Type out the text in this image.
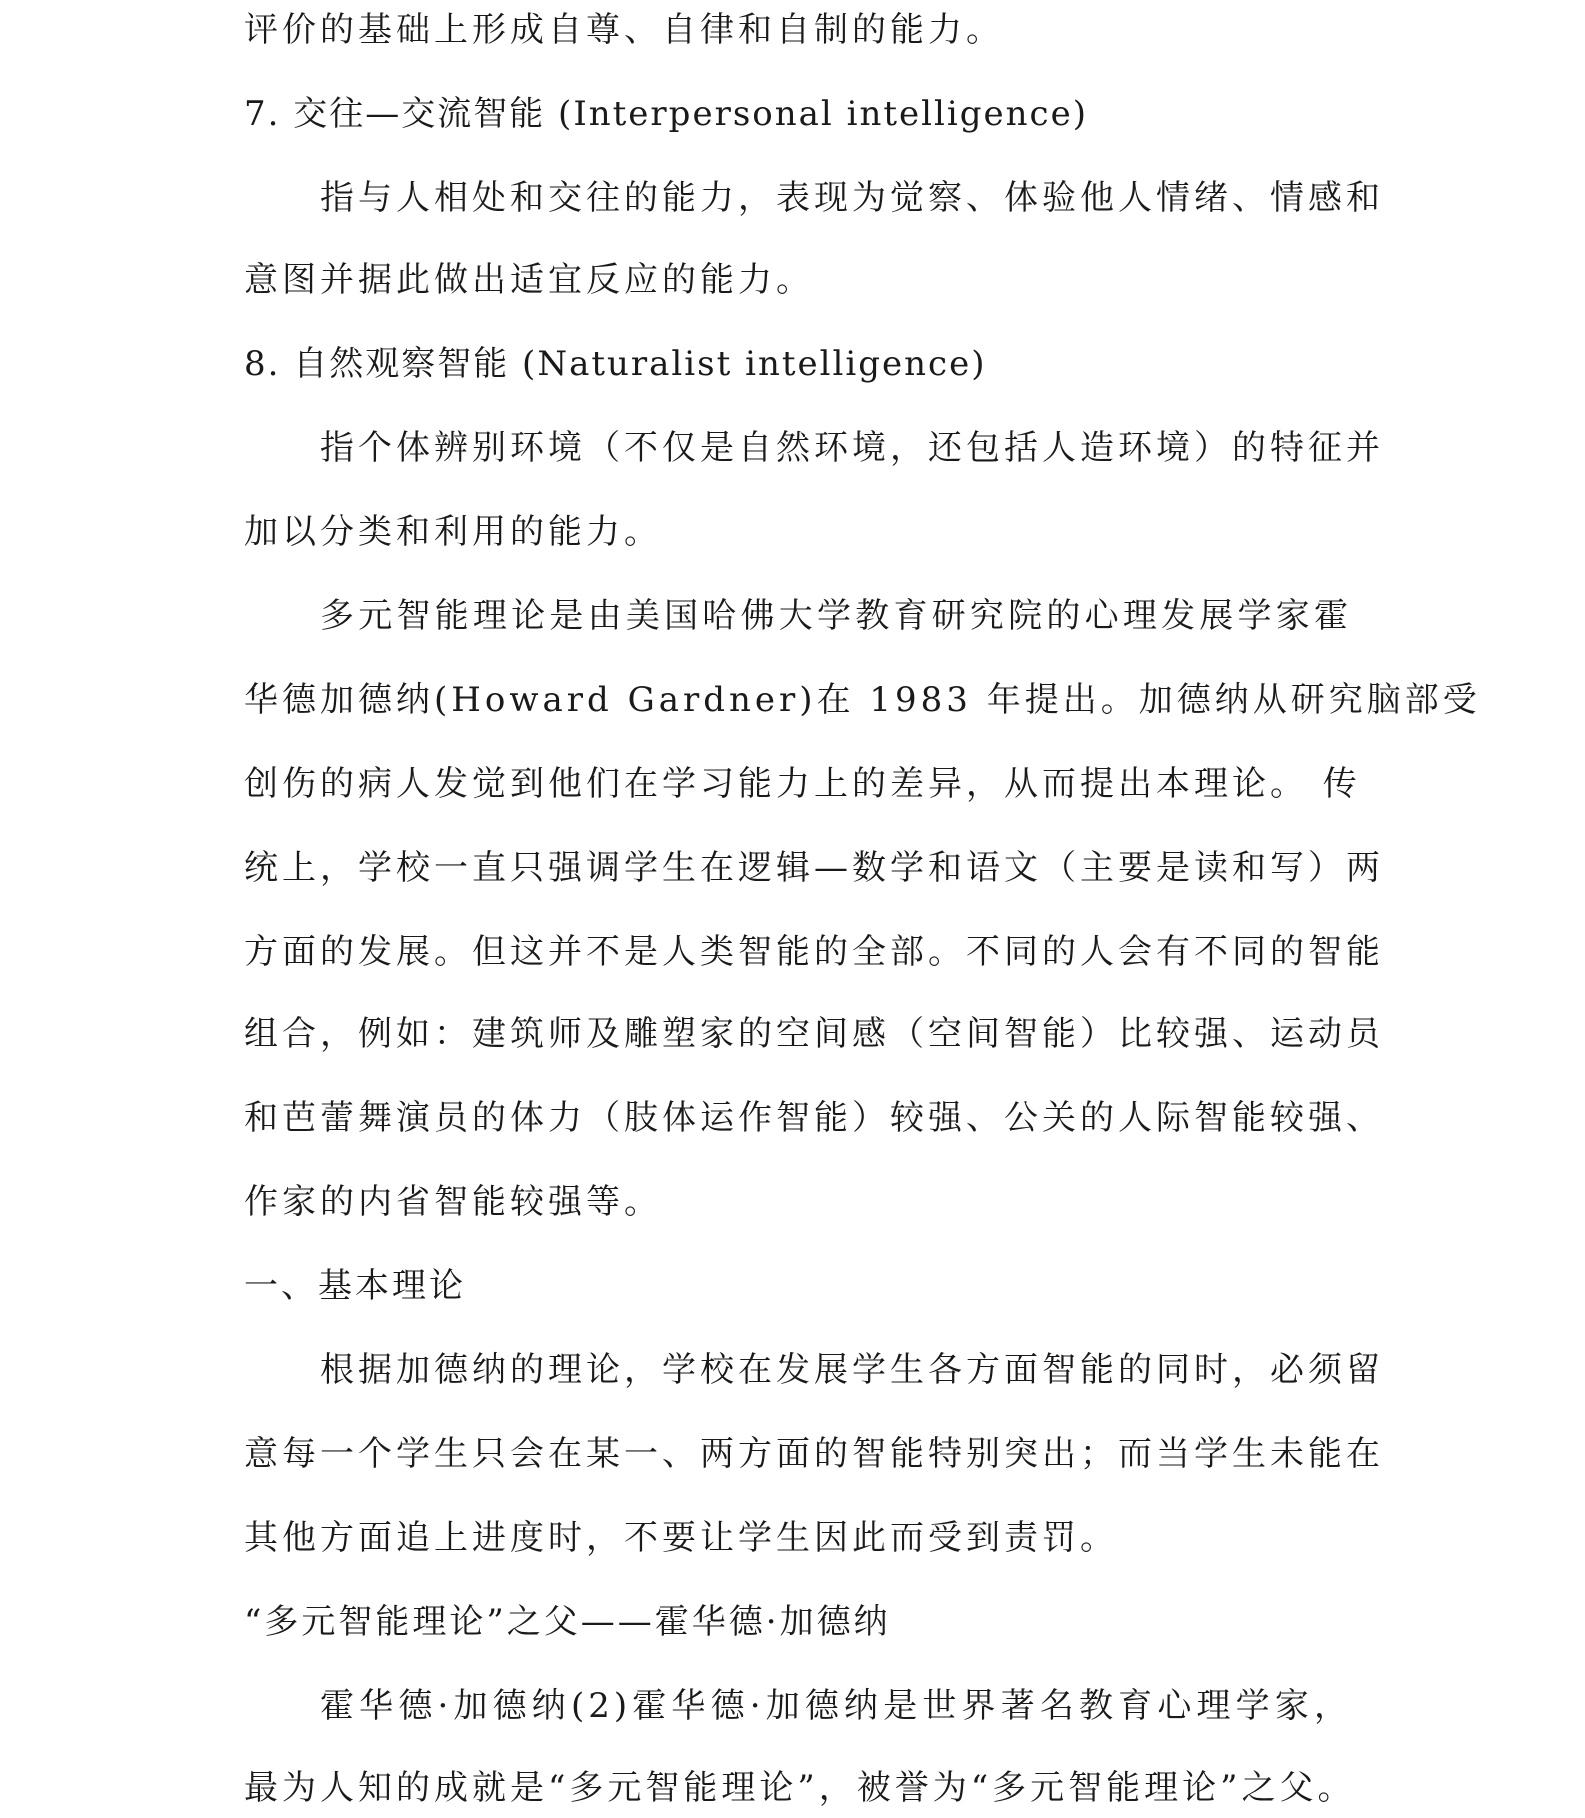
评价的基础上形成自尊、自律和自制的能力。
7. 交往—交流智能 (Interpersonal intelligence)
指与人相处和交往的能力，表现为觉察、体验他人情绪、情感和
意图并据此做出适宜反应的能力。
8. 自然观察智能 (Naturalist intelligence)
指个体辨别环境（不仅是自然环境，还包括人造环境）的特征并
加以分类和利用的能力。
多元智能理论是由美国哈佛大学教育研究院的心理发展学家霍
华德加德纳(Howard Gardner)在 1983 年提出。加德纳从研究脑部受
创伤的病人发觉到他们在学习能力上的差异，从而提出本理论。 传
统上，学校一直只强调学生在逻辑—数学和语文（主要是读和写）两
方面的发展。但这并不是人类智能的全部。不同的人会有不同的智能
组合，例如：建筑师及雕塑家的空间感（空间智能）比较强、运动员
和芭蕾舞演员的体力（肢体运作智能）较强、公关的人际智能较强、
作家的内省智能较强等。
一、基本理论
根据加德纳的理论，学校在发展学生各方面智能的同时，必须留
意每一个学生只会在某一、两方面的智能特别突出；而当学生未能在
其他方面追上进度时，不要让学生因此而受到责罚。
“多元智能理论”之父——霍华德·加德纳
霍华德·加德纳(2)霍华德·加德纳是世界著名教育心理学家，
最为人知的成就是“多元智能理论”，被誉为“多元智能理论”之父。
